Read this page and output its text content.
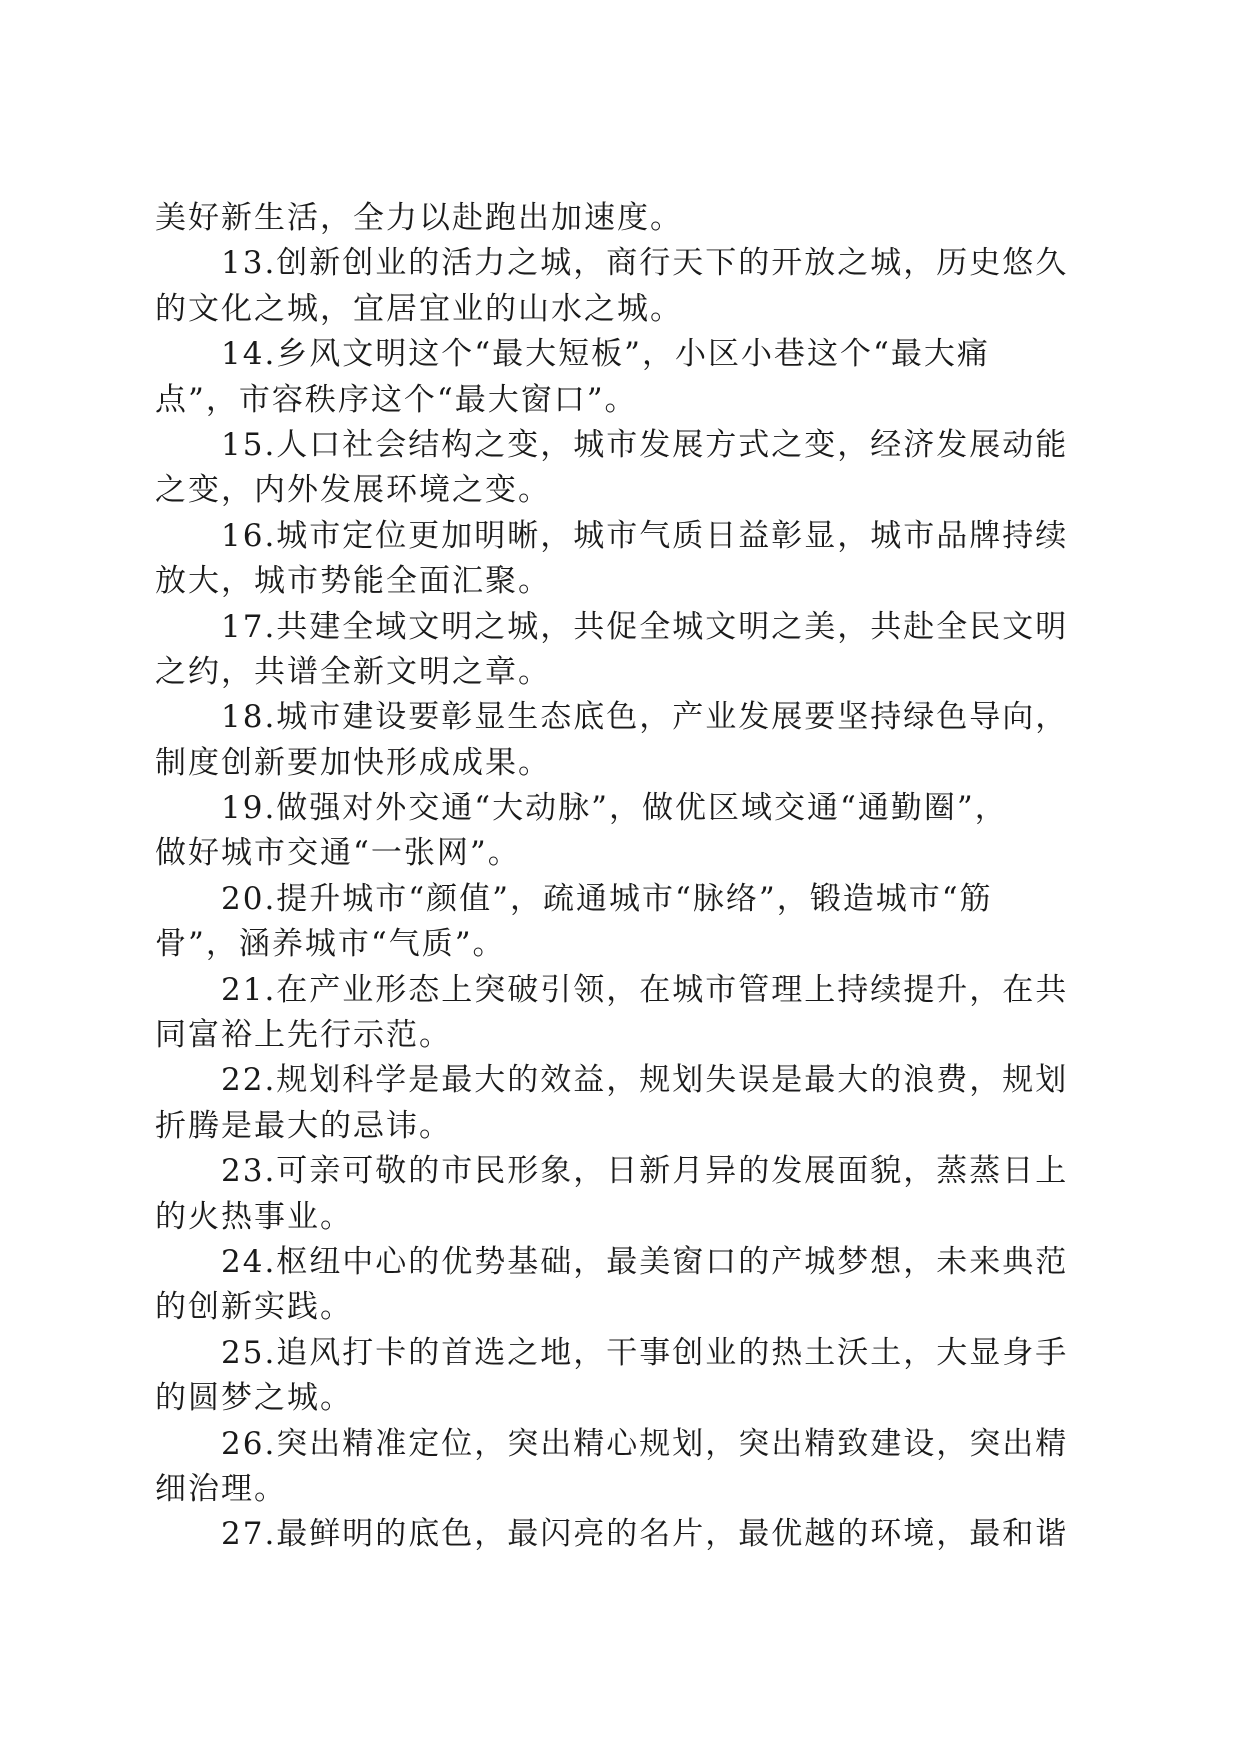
美好新生活，全力以赴跑出加速度。
13.创新创业的活力之城，商行天下的开放之城，历史悠久
的文化之城，宜居宜业的山水之城。
14.乡风文明这个“最大短板”，小区小巷这个“最大痛
点”，市容秩序这个“最大窗口”。
15.人口社会结构之变，城市发展方式之变，经济发展动能
之变，内外发展环境之变。
16.城市定位更加明晰，城市气质日益彰显，城市品牌持续
放大，城市势能全面汇聚。
17.共建全域文明之城，共促全城文明之美，共赴全民文明
之约，共谱全新文明之章。
18.城市建设要彰显生态底色，产业发展要坚持绿色导向，
制度创新要加快形成成果。
19.做强对外交通“大动脉”，做优区域交通“通勤圈”，
做好城市交通“一张网”。
20.提升城市“颜值”，疏通城市“脉络”，锻造城市“筋
骨”，涵养城市“气质”。
21.在产业形态上突破引领，在城市管理上持续提升，在共
同富裕上先行示范。
22.规划科学是最大的效益，规划失误是最大的浪费，规划
折腾是最大的忌讳。
23.可亲可敬的市民形象，日新月异的发展面貌，蒸蒸日上
的火热事业。
24.枢纽中心的优势基础，最美窗口的产城梦想，未来典范
的创新实践。
25.追风打卡的首选之地，干事创业的热土沃土，大显身手
的圆梦之城。
26.突出精准定位，突出精心规划，突出精致建设，突出精
细治理。
27.最鲜明的底色，最闪亮的名片，最优越的环境，最和谐
